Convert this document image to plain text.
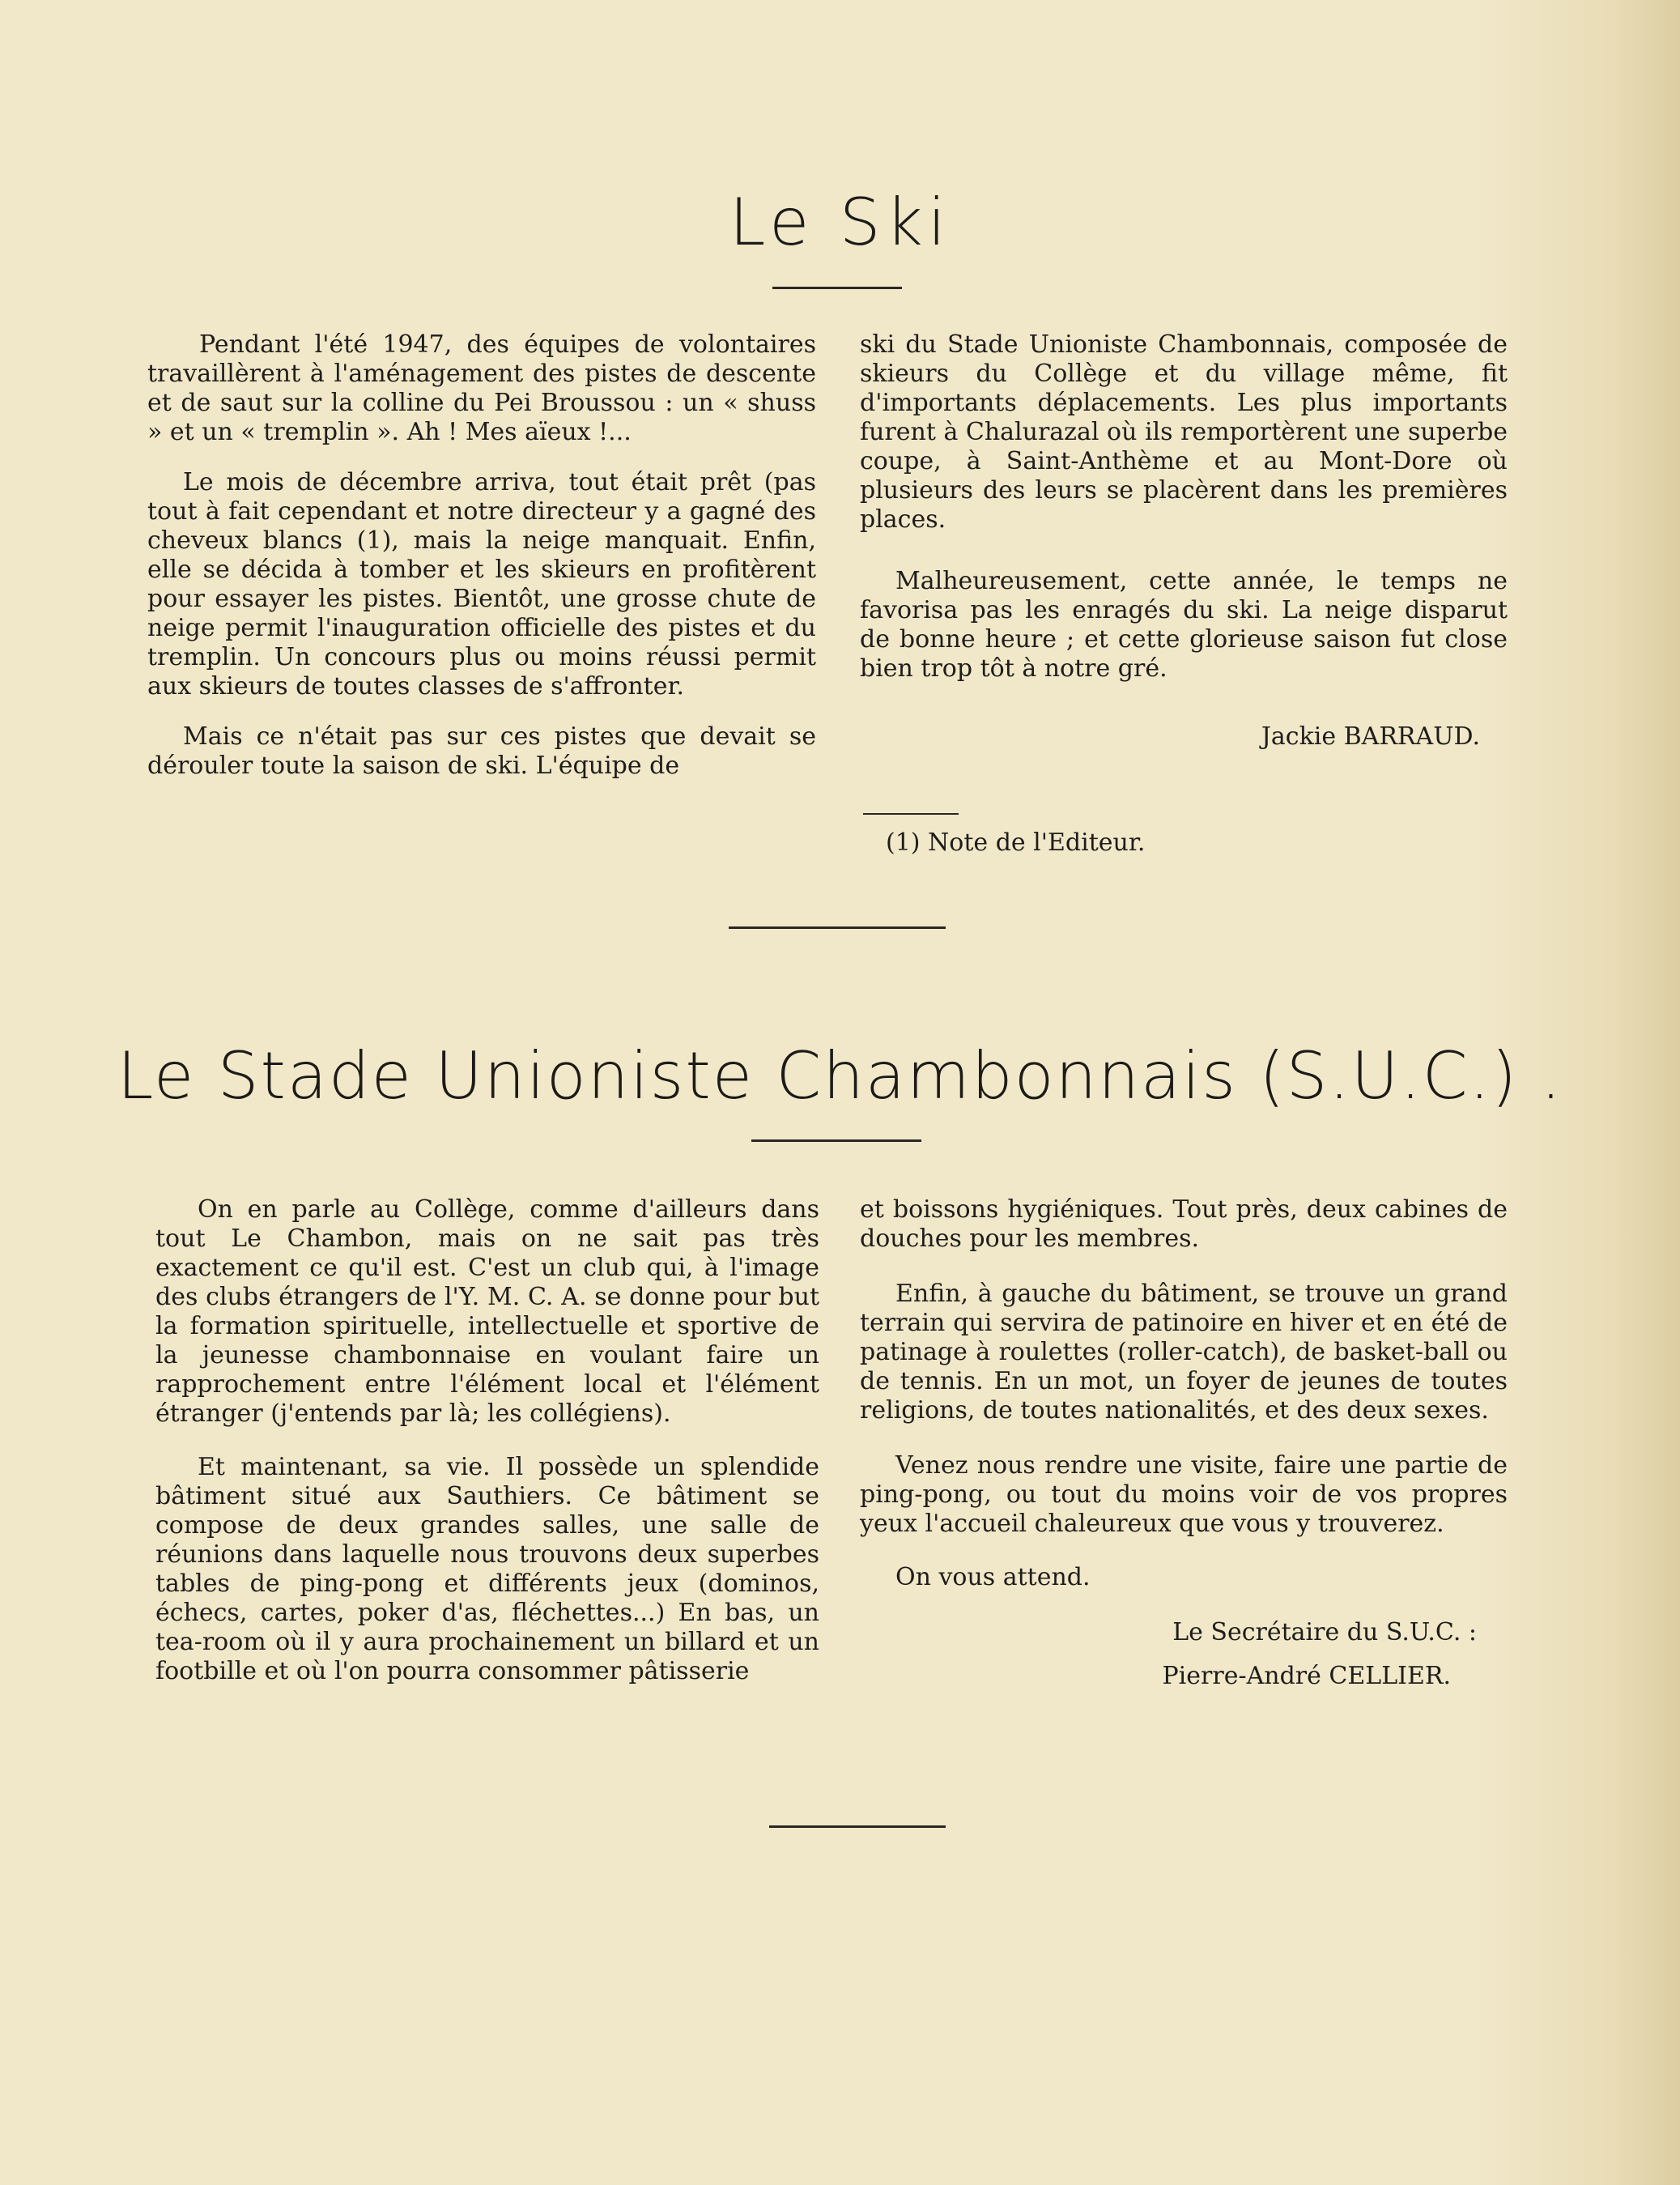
Le Ski

Pendant l'été 1947, des équipes de volontaires travaillèrent à l'aménagement des pistes de descente et de saut sur la colline du Pei Broussou : un « shuss » et un « tremplin ». Ah ! Mes aïeux !...

Le mois de décembre arriva, tout était prêt (pas tout à fait cependant et notre directeur y a gagné des cheveux blancs (1), mais la neige manquait. Enfin, elle se décida à tomber et les skieurs en profitèrent pour essayer les pistes. Bientôt, une grosse chute de neige permit l'inauguration officielle des pistes et du tremplin. Un concours plus ou moins réussi permit aux skieurs de toutes classes de s'affronter.

Mais ce n'était pas sur ces pistes que devait se dérouler toute la saison de ski. L'équipe de

ski du Stade Unioniste Chambonnais, composée de skieurs du Collège et du village même, fit d'importants déplacements. Les plus importants furent à Chalurazal où ils remportèrent une superbe coupe, à Saint-Anthème et au Mont-Dore où plusieurs des leurs se placèrent dans les premières places.

Malheureusement, cette année, le temps ne favorisa pas les enragés du ski. La neige disparut de bonne heure ; et cette glorieuse saison fut close bien trop tôt à notre gré.

Jackie BARRAUD.

(1) Note de l'Editeur.
Le Stade Unioniste Chambonnais (S.U.C.) .

On en parle au Collège, comme d'ailleurs dans tout Le Chambon, mais on ne sait pas très exactement ce qu'il est. C'est un club qui, à l'image des clubs étrangers de l'Y. M. C. A. se donne pour but la formation spirituelle, intellectuelle et sportive de la jeunesse chambonnaise en voulant faire un rapprochement entre l'élément local et l'élément étranger (j'entends par là; les collégiens).

Et maintenant, sa vie. Il possède un splendide bâtiment situé aux Sauthiers. Ce bâtiment se compose de deux grandes salles, une salle de réunions dans laquelle nous trouvons deux superbes tables de ping-pong et différents jeux (dominos, échecs, cartes, poker d'as, fléchettes...) En bas, un tea-room où il y aura prochainement un billard et un footbille et où l'on pourra consommer pâtisserie

et boissons hygiéniques. Tout près, deux cabines de douches pour les membres.

Enfin, à gauche du bâtiment, se trouve un grand terrain qui servira de patinoire en hiver et en été de patinage à roulettes (roller-catch), de basket-ball ou de tennis. En un mot, un foyer de jeunes de toutes religions, de toutes nationalités, et des deux sexes.

Venez nous rendre une visite, faire une partie de ping-pong, ou tout du moins voir de vos propres yeux l'accueil chaleureux que vous y trouverez.

On vous attend.

Le Secrétaire du S.U.C. :

Pierre-André CELLIER.
